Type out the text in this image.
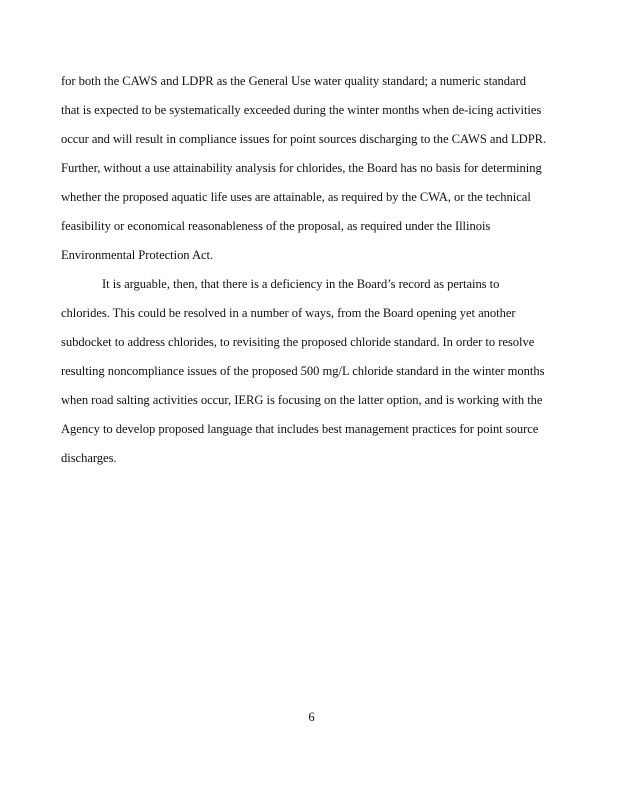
for both the CAWS and LDPR as the General Use water quality standard; a numeric standard
that is expected to be systematically exceeded during the winter months when de-icing activities
occur and will result in compliance issues for point sources discharging to the CAWS and LDPR.
Further, without a use attainability analysis for chlorides, the Board has no basis for determining
whether the proposed aquatic life uses are attainable, as required by the CWA, or the technical
feasibility or economical reasonableness of the proposal, as required under the Illinois
Environmental Protection Act.
It is arguable, then, that there is a deficiency in the Board’s record as pertains to
chlorides. This could be resolved in a number of ways, from the Board opening yet another
subdocket to address chlorides, to revisiting the proposed chloride standard. In order to resolve
resulting noncompliance issues of the proposed 500 mg/L chloride standard in the winter months
when road salting activities occur, IERG is focusing on the latter option, and is working with the
Agency to develop proposed language that includes best management practices for point source
discharges.
6
